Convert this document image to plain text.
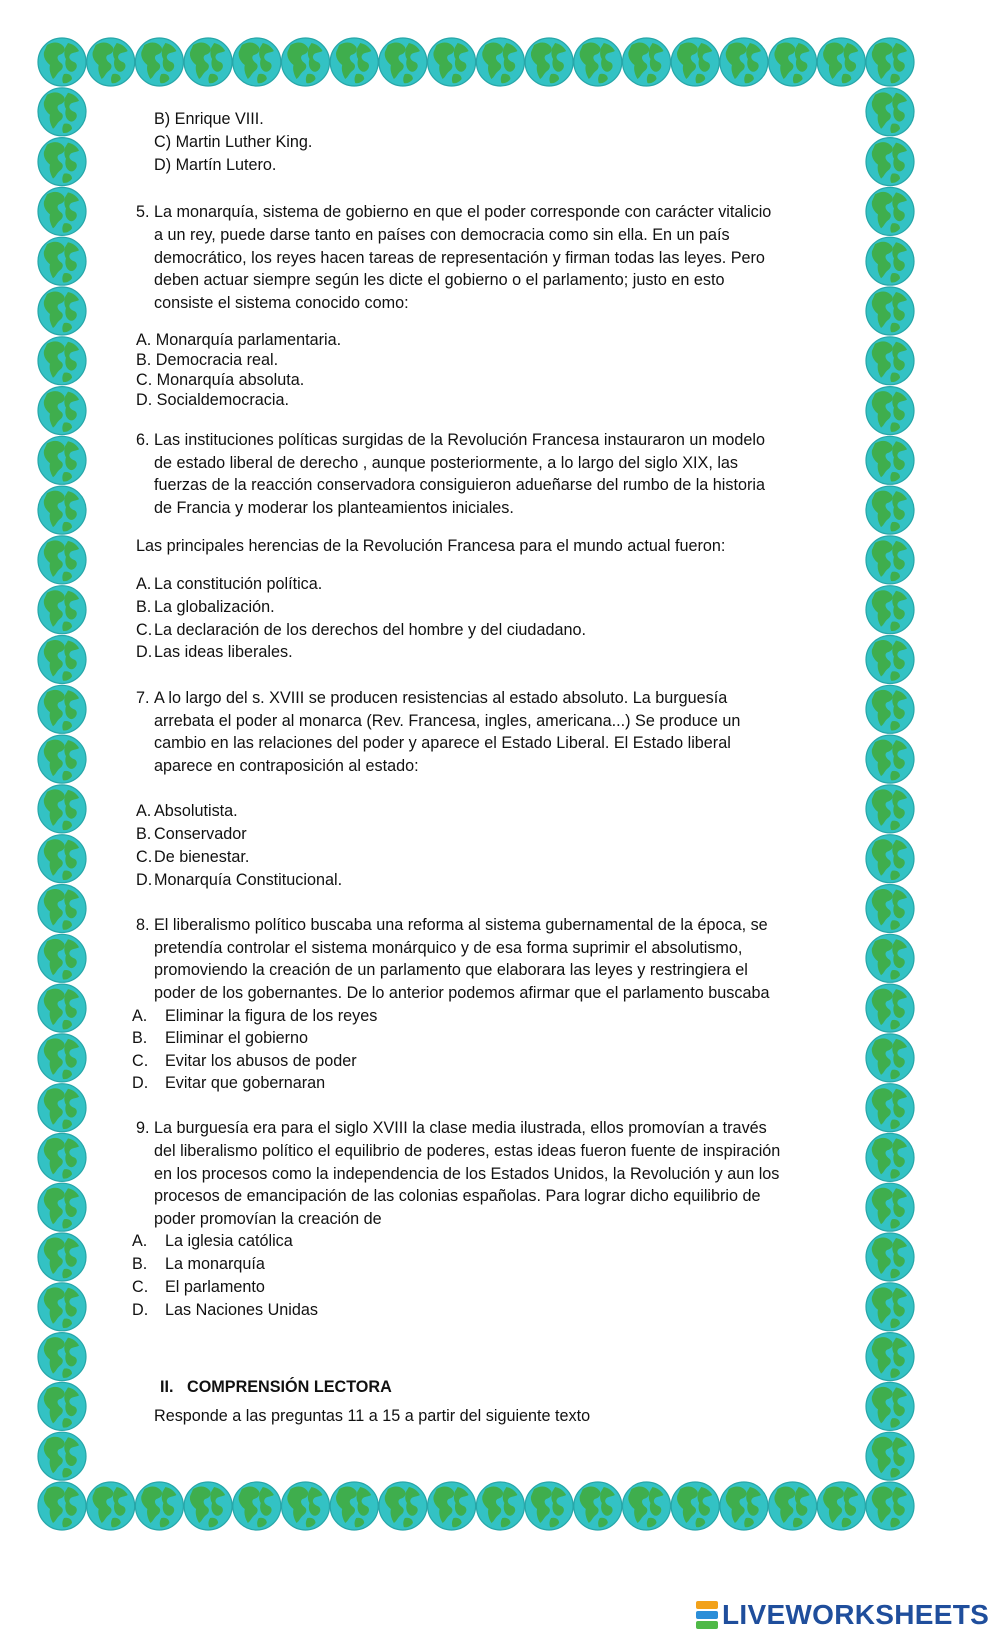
B) Enrique VIII.
C) Martin Luther King.
D) Martín Lutero.
5. La monarquía, sistema de gobierno en que el poder corresponde con carácter vitalicio
a un rey, puede darse tanto en países con democracia como sin ella. En un país
democrático, los reyes hacen tareas de representación y firman todas las leyes. Pero
deben actuar siempre según les dicte el gobierno o el parlamento; justo en esto
consiste el sistema conocido como:
A. Monarquía parlamentaria.
B. Democracia real.
C. Monarquía absoluta.
D. Socialdemocracia.
6. Las instituciones políticas surgidas de la Revolución Francesa instauraron un modelo
de estado liberal de derecho , aunque posteriormente, a lo largo del siglo XIX, las
fuerzas de la reacción conservadora consiguieron adueñarse del rumbo de la historia
de Francia y moderar los planteamientos iniciales.
Las principales herencias de la Revolución Francesa para el mundo actual fueron:
A. La constitución política.
B. La globalización.
C. La declaración de los derechos del hombre y del ciudadano.
D. Las ideas liberales.
7. A lo largo del s. XVIII se producen resistencias al estado absoluto. La burguesía
arrebata el poder al monarca (Rev. Francesa, ingles, americana...) Se produce un
cambio en las relaciones del poder y aparece el Estado Liberal. El Estado liberal
aparece en contraposición al estado:
A. Absolutista.
B. Conservador
C. De bienestar.
D. Monarquía Constitucional.
8. El liberalismo político buscaba una reforma al sistema gubernamental de la época, se
pretendía controlar el sistema monárquico y de esa forma suprimir el absolutismo,
promoviendo la creación de un parlamento que elaborara las leyes y restringiera el
poder de los gobernantes. De lo anterior podemos afirmar que el parlamento buscaba
A. Eliminar la figura de los reyes
B. Eliminar el gobierno
C. Evitar los abusos de poder
D. Evitar que gobernaran
9. La burguesía era para el siglo XVIII la clase media ilustrada, ellos promovían a través
del liberalismo político el equilibrio de poderes, estas ideas fueron fuente de inspiración
en los procesos como la independencia de los Estados Unidos, la Revolución y aun los
procesos de emancipación de las colonias españolas. Para lograr dicho equilibrio de
poder promovían la creación de
A. La iglesia católica
B. La monarquía
C. El parlamento
D. Las Naciones Unidas
II. COMPRENSIÓN LECTORA
Responde a las preguntas 11 a 15 a partir del siguiente texto
LIVEWORKSHEETS
